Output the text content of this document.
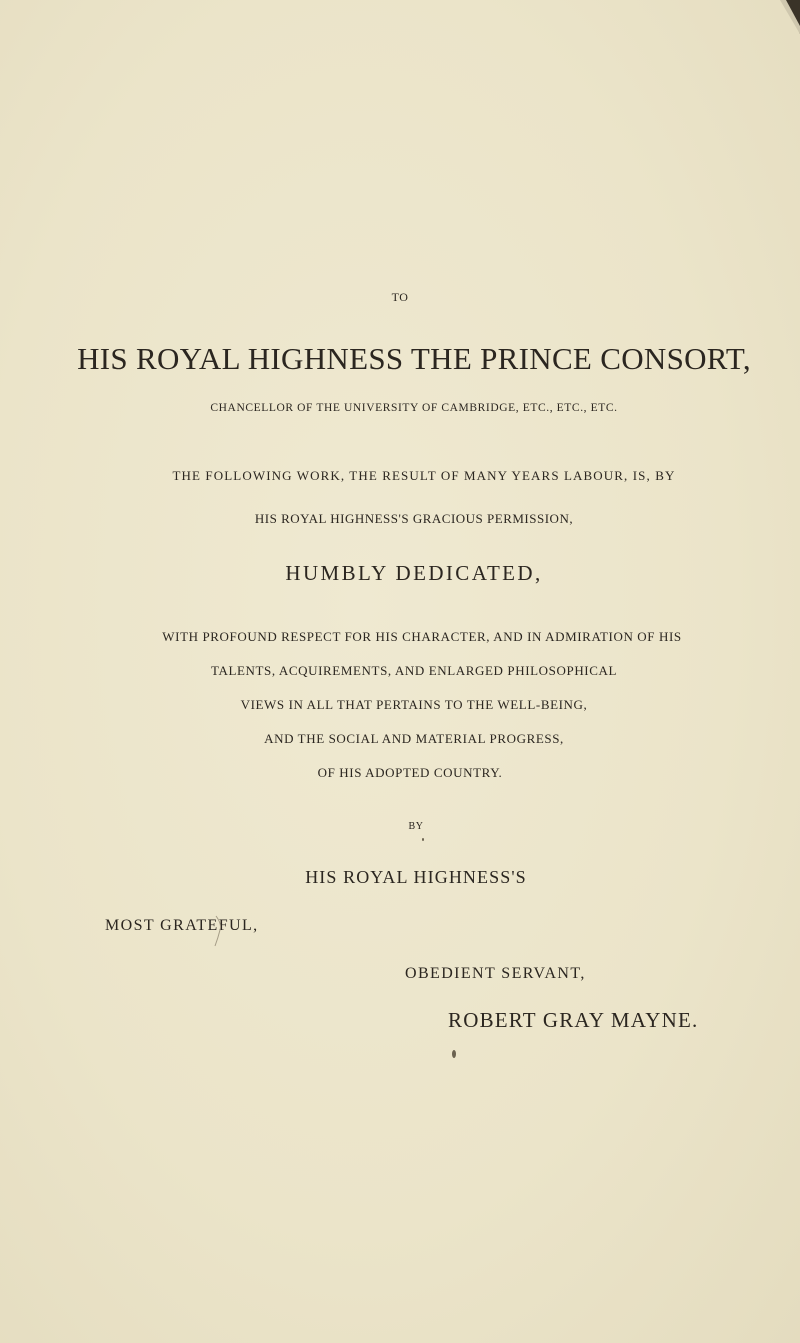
TO
HIS ROYAL HIGHNESS THE PRINCE CONSORT,
CHANCELLOR OF THE UNIVERSITY OF CAMBRIDGE, ETC., ETC., ETC.
THE FOLLOWING WORK, THE RESULT OF MANY YEARS LABOUR, IS, BY
HIS ROYAL HIGHNESS'S GRACIOUS PERMISSION,
HUMBLY DEDICATED,
WITH PROFOUND RESPECT FOR HIS CHARACTER, AND IN ADMIRATION OF HIS
TALENTS, ACQUIREMENTS, AND ENLARGED PHILOSOPHICAL
VIEWS IN ALL THAT PERTAINS TO THE WELL-BEING,
AND THE SOCIAL AND MATERIAL PROGRESS,
OF HIS ADOPTED COUNTRY.
BY
HIS ROYAL HIGHNESS'S
MOST GRATEFUL,
OBEDIENT SERVANT,
ROBERT GRAY MAYNE.
